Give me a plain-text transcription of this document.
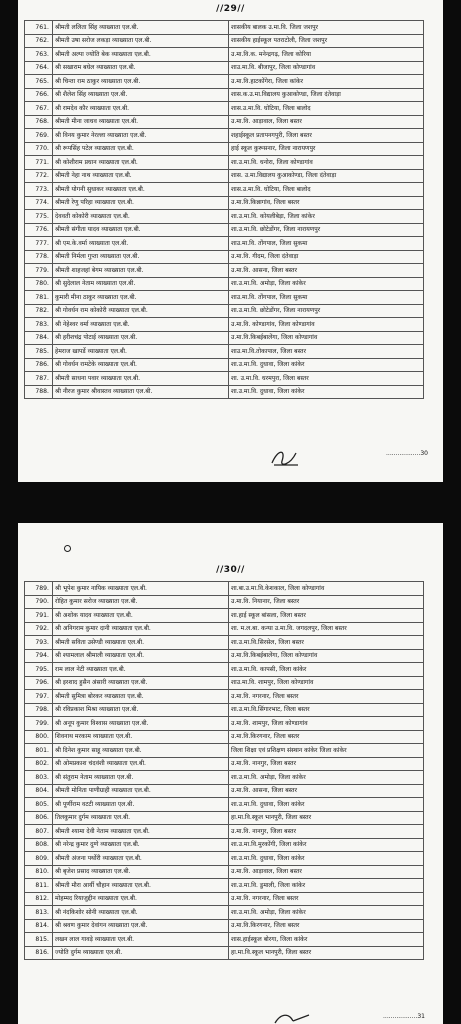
//29//
761.	श्रीमती ललिता सिंह व्याख्याता एल.बी.	शासकीय बालक उ.मा.वि. जिला जशपुर
762.	श्रीमती उषा सरोज लकड़ा व्याख्याता एल.बी.	शासकीय हाईस्कूल पतराटोली, जिला जशपुर
763.	श्रीमती अल्पा ज्योति बेक व्याख्याता एल.बी.	उ.मा.वि.क. मनेन्द्रगढ़, जिला कोरिया
764.	श्री सखाराम बघेल व्याख्याता एल.बी.	शाउ.मा.वि. बीजापुर, जिला कोण्डागांव
765.	श्री चिन्ता राम ठाकुर व्याख्याता एल.बी.	उ.मा.वि.हाटकोंगेरा, जिला कांकेर
766.	श्री शैलेश सिंह व्याख्याता एल.बी.	शास.क.उ.मा.विद्यालय कुआकोण्डा, जिला दंतेवाड़ा
767.	श्री रामदेव कौर व्याख्याता एल.बी.	शास.उ.मा.वि. घोटिया, जिला बालोद
768.	श्रीमती मीना जाधव व्याख्याता एल.बी.	उ.मा.वि. आड़ावाल, जिला बस्तर
769.	श्री विनय कुमार नेरल्ला व्याख्याता एल.बी.	शहाईस्कूल प्रतापनगपुरी, जिला बस्तर
770.	श्री रूपसिंह पटेल व्याख्याता एल.बी.	हाई स्कूल कुरूसनार, जिला नारायणपुर
771.	श्री कोशीराम प्रधान व्याख्याता एल.बी.	शा.उ.मा.वि. धनोरा, जिला कोण्डागांव
772.	श्रीमती नेहा नाथ व्याख्याता एल.बी.	शास. उ.मा.विद्यालय कुआकोण्डा, जिला दंतेवाड़ा
773.	श्रीमती योगनी सुधाकर व्याख्याता एल.बी.	शास.उ.मा.वि. घोटिया, जिला बालोद
774.	श्रीमती रेणु परिहा व्याख्याता एल.बी.	उ.मा.वि.किन्नागांव, जिला बस्तर
775.	देववती कोकोरी व्याख्याता एल.बी.	शा.उ.मा.वि. कोयलीबेड़ा, जिला कांकेर
776.	श्रीमती संगीता यादव व्याख्याता एल.बी.	शा.उ.मा.वि. छोटेडोंगर, जिला नारायणपुर
777.	श्री एम.के.वर्मा व्याख्याता एल.बी.	शाउ.मा.वि. तोंगपाल, जिला सुकमा
778.	श्रीमती निर्मला गुप्ता व्याख्याता एल.बी.	उ.मा.वि. गीदम, जिला दंतेवाड़ा
779.	श्रीमती शाहजहां बेगम व्याख्याता एल.बी.	उ.मा.वि. आसना, जिला बस्तर
780.	श्री सुदेलाल नेताम व्याख्याता एल.बी.	शा.उ.मा.वि. अमोड़ा, जिला कांकेर
781.	कुमारी मीना ठाकुर व्याख्याता एल.बी.	शाउ.मा.वि. तोंगपाल, जिला सुकमा
782.	श्री गोवर्धन राम कोकोरी व्याख्याता एल.बी.	शा.उ.मा.वि. छोटेडोंगर, जिला नारायणपुर
783.	श्री नेहेश्वर वर्मा व्याख्याता एल.बी.	उ.मा.वि. कोण्डागांव, जिला कोण्डागांव
784.	श्री हरीशचंद्र पोटाई व्याख्याता एल.बी.	उ.मा.वि.किबईबालेंगा, जिला कोण्डागांव
785.	हेमराज खापर्डे व्याख्याता एल.बी.	शाउ.मा.वि.तोकापाल, जिला बस्तर
786.	श्री गोवर्धन रामटेके व्याख्याता एल.बी.	शा.उ.मा.वि. दुधावा, जिला कांकेर
787.	श्रीमती साधना पवार व्याख्याता एल.बी.	शा. उ.मा.वि. धरमपुरा, जिला बस्तर
788.	श्री नीरज कुमार श्रीवास्तव व्याख्याता एल.बी.	शा.उ.मा.वि. दुधावा, जिला कांकेर
..................30
//30//
789.	श्री भूपेश कुमार नायिक व्याख्याता एल.बी.	शा.बा.उ.मा.वि.केशकाल, जिला कोण्डागांव
790.	रोहित कुमार सरोज व्याख्याता एल.बी.	उ.मा.वि. नियानार, जिला बस्तर
791.	श्री अशोक यादव व्याख्याता एल.बी.	शा.हाई स्कूल बांसला, जिला बस्तर
792.	श्री अनिगराम कुमार दानी व्याख्याता एल.बी.	शा. म.ल.बा. कन्या उ.मा.वि. जगदलपुर, जिला बस्तर
793.	श्रीमती सविता उसेण्डी व्याख्याता एल.बी.	शा.उ.मा.वि.सिरसेल, जिला बस्तर
794.	श्री श्यामलाल श्रीमाली व्याख्याता एल.बी.	उ.मा.वि.किबईबालेंगा, जिला कोण्डागांव
795.	राम लाल नेटी व्याख्याता एल.बी.	शा.उ.मा.वि. कापसी, जिला कांकेर
796.	श्री इरशाद हुसैन अंसारी व्याख्याता एल.बी.	शाउ.मा.वि. शामपुर, जिला कोण्डागांव
797.	श्रीमती सुमित्रा बोरकर व्याख्याता एल.बी.	उ.मा.वि. नगरनार, जिला बस्तर
798.	श्री रविप्रकाश मिश्रा व्याख्याता एल.बी.	शा.उ.मा.वि.सिंगारभाट, जिला बस्तर
799.	श्री अनूप कुमार विश्वास व्याख्याता एल.बी.	उ.मा.वि. शामपुर, जिला कोण्डागांव
800.	शिवनाथ मरकाम व्याख्याता एल.बी.	उ.मा.वि.किरगनार, जिला बस्तर
801.	श्री दिनेश कुमार साहू व्याख्याता एल.बी.	जिला शिक्षा एवं प्रशिक्षण संस्थान कांकेर जिला कांकेर
802.	श्री ओमप्रकाश चंदवंशी व्याख्याता एल.बी.	उ.मा.वि. नानगुर, जिला बस्तर
803.	श्री संतुराम नेताम व्याख्याता एल.बी.	शा.उ.मा.वि. अमोड़ा, जिला कांकेर
804.	श्रीमती मोनिता पाणीग्राही व्याख्याता एल.बी.	उ.मा.वि. आसना, जिला बस्तर
805.	श्री पूर्णीराम वटटी व्याख्याता एल.बी.	शा.उ.मा.वि. दुधावा, जिला कांकेर
806.	तिलकुमार दुर्गम व्याख्याता एल.बी.	हा.मा.वि.स्कूल भानपुरी, जिला बस्तर
807.	श्रीमती श्यामा देवी नेताम व्याख्याता एल.बी.	उ.मा.वि. नानगुर, जिला बस्तर
808.	श्री नरेन्द्र कुमार दुग्गे व्याख्याता एल.बी.	शा.उ.मा.वि.मुरकोंगी, जिला कांकेर
809.	श्रीमती अंजना पर्थोरी व्याख्याता एल.बी.	शा.उ.मा.वि. दुधावा, जिला कांकेर
810.	श्री बृजेश प्रसाद व्याख्याता एल.बी.	उ.मा.वि. आड़ावाल, जिला बस्तर
811.	श्रीमती मौरा आर्यी चौहान व्याख्याता एल.बी.	शा.उ.मा.वि. डुमाली, जिला कांकेर
812.	मोहम्मद रियाजुद्दीन व्याख्याता एल.बी.	उ.मा.वि. नगरनार, जिला बस्तर
813.	श्री नंदकिशोर सोनी व्याख्याता एल.बी.	शा.उ.मा.वि. अमोड़ा, जिला कांकेर
814.	श्री श्रवण कुमार देवांगन व्याख्याता एल.बी.	उ.मा.वि.किरगनार, जिला बस्तर
815.	लखन लाल गावड़े व्याख्याता एल.बी.	शास.हाईस्कूल बोरगा, जिला कांकेर
816.	ज्योति दुर्गम व्याख्याता एल.बी.	हा.मा.वि.स्कूल भानपुरी, जिला बस्तर
..................31
